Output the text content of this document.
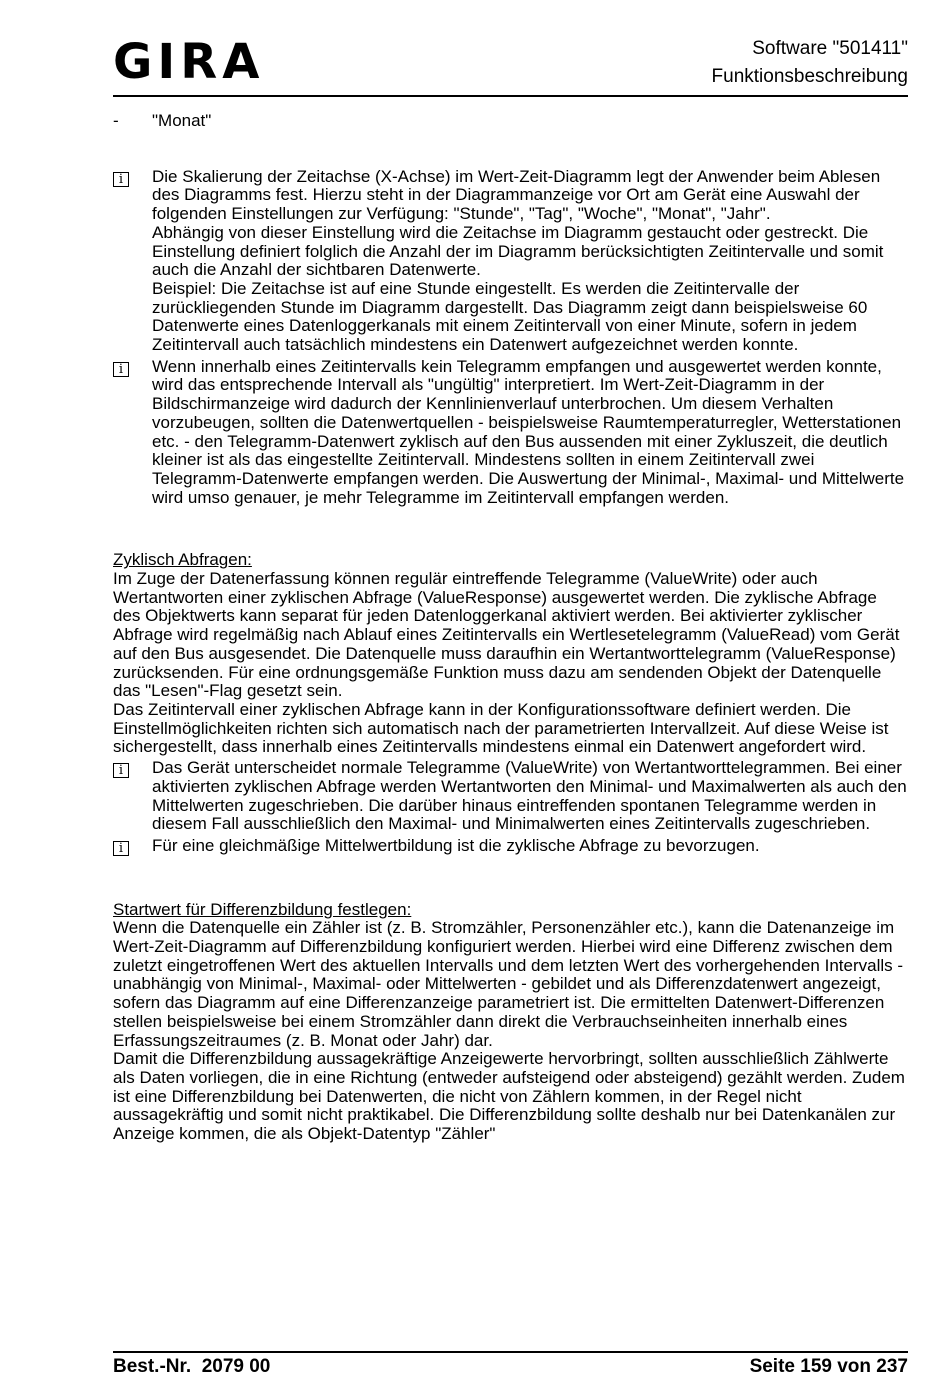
GIRA	Software "501411"
Funktionsbeschreibung
-	"Monat"
i	Die Skalierung der Zeitachse (X-Achse) im Wert-Zeit-Diagramm legt der Anwender beim Ablesen des Diagramms fest. Hierzu steht in der Diagrammanzeige vor Ort am Gerät eine Auswahl der folgenden Einstellungen zur Verfügung: "Stunde", "Tag", "Woche", "Monat", "Jahr".

Abhängig von dieser Einstellung wird die Zeitachse im Diagramm gestaucht oder gestreckt. Die Einstellung definiert folglich die Anzahl der im Diagramm berücksichtigten Zeitintervalle und somit auch die Anzahl der sichtbaren Datenwerte.

Beispiel: Die Zeitachse ist auf eine Stunde eingestellt. Es werden die Zeitintervalle der zurückliegenden Stunde im Diagramm dargestellt. Das Diagramm zeigt dann beispielsweise 60 Datenwerte eines Datenloggerkanals mit einem Zeitintervall von einer Minute, sofern in jedem Zeitintervall auch tatsächlich mindestens ein Datenwert aufgezeichnet werden konnte.

i	Wenn innerhalb eines Zeitintervalls kein Telegramm empfangen und ausgewertet werden konnte, wird das entsprechende Intervall als "ungültig" interpretiert. Im Wert-Zeit-Diagramm in der Bildschirmanzeige wird dadurch der Kennlinienverlauf unterbrochen. Um diesem Verhalten vorzubeugen, sollten die Datenwertquellen - beispielsweise Raumtemperaturregler, Wetterstationen etc. - den Telegramm-Datenwert zyklisch auf den Bus aussenden mit einer Zykluszeit, die deutlich kleiner ist als das eingestellte Zeitintervall. Mindestens sollten in einem Zeitintervall zwei Telegramm-Datenwerte empfangen werden. Die Auswertung der Minimal-, Maximal- und Mittelwerte wird umso genauer, je mehr Telegramme im Zeitintervall empfangen werden.

Zyklisch Abfragen:

Im Zuge der Datenerfassung können regulär eintreffende Telegramme (ValueWrite) oder auch Wertantworten einer zyklischen Abfrage (ValueResponse) ausgewertet werden. Die zyklische Abfrage des Objektwerts kann separat für jeden Datenloggerkanal aktiviert werden. Bei aktivierter zyklischer Abfrage wird regelmäßig nach Ablauf eines Zeitintervalls ein Wertlesetelegramm (ValueRead) vom Gerät auf den Bus ausgesendet. Die Datenquelle muss daraufhin ein Wertantworttelegramm (ValueResponse) zurücksenden. Für eine ordnungsgemäße Funktion muss dazu am sendenden Objekt der Datenquelle das "Lesen"-Flag gesetzt sein.

Das Zeitintervall einer zyklischen Abfrage kann in der Konfigurationssoftware definiert werden. Die Einstellmöglichkeiten richten sich automatisch nach der parametrierten Intervallzeit. Auf diese Weise ist sichergestellt, dass innerhalb eines Zeitintervalls mindestens einmal ein Datenwert angefordert wird.

i	Das Gerät unterscheidet normale Telegramme (ValueWrite) von Wertantworttelegrammen. Bei einer aktivierten zyklischen Abfrage werden Wertantworten den Minimal- und Maximalwerten als auch den Mittelwerten zugeschrieben. Die darüber hinaus eintreffenden spontanen Telegramme werden in diesem Fall ausschließlich den Maximal- und Minimalwerten eines Zeitintervalls zugeschrieben.

i	Für eine gleichmäßige Mittelwertbildung ist die zyklische Abfrage zu bevorzugen.

Startwert für Differenzbildung festlegen:

Wenn die Datenquelle ein Zähler ist (z. B. Stromzähler, Personenzähler etc.), kann die Datenanzeige im Wert-Zeit-Diagramm auf Differenzbildung konfiguriert werden. Hierbei wird eine Differenz zwischen dem zuletzt eingetroffenen Wert des aktuellen Intervalls und dem letzten Wert des vorhergehenden Intervalls - unabhängig von Minimal-, Maximal- oder Mittelwerten - gebildet und als Differenzdatenwert angezeigt, sofern das Diagramm auf eine Differenzanzeige parametriert ist. Die ermittelten Datenwert-Differenzen stellen beispielsweise bei einem Stromzähler dann direkt die Verbrauchseinheiten innerhalb eines Erfassungszeitraumes (z. B. Monat oder Jahr) dar.

Damit die Differenzbildung aussagekräftige Anzeigewerte hervorbringt, sollten ausschließlich Zählwerte als Daten vorliegen, die in eine Richtung (entweder aufsteigend oder absteigend) gezählt werden. Zudem ist eine Differenzbildung bei Datenwerten, die nicht von Zählern kommen, in der Regel nicht aussagekräftig und somit nicht praktikabel. Die Differenzbildung sollte deshalb nur bei Datenkanälen zur Anzeige kommen, die als Objekt-Datentyp "Zähler"

Best.-Nr.  2079 00	Seite 159 von 237
